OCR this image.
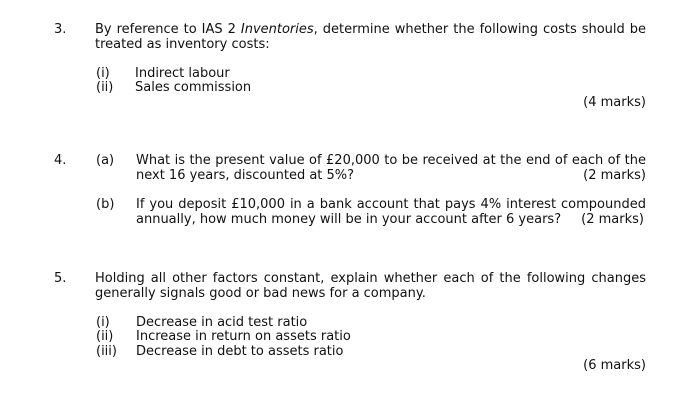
3. By reference to IAS 2 Inventories, determine whether the following costs should be
treated as inventory costs:
(i) Indirect labour
(ii) Sales commission
(4 marks)
4. (a) What is the present value of £20,000 to be received at the end of each of the
next 16 years, discounted at 5%?	(2 marks)
(b) If you deposit £10,000 in a bank account that pays 4% interest compounded
annually, how much money will be in your account after 6 years?	(2 marks)
5. Holding all other factors constant, explain whether each of the following changes
generally signals good or bad news for a company.
(i) Decrease in acid test ratio
(ii) Increase in return on assets ratio
(iii) Decrease in debt to assets ratio
(6 marks)
